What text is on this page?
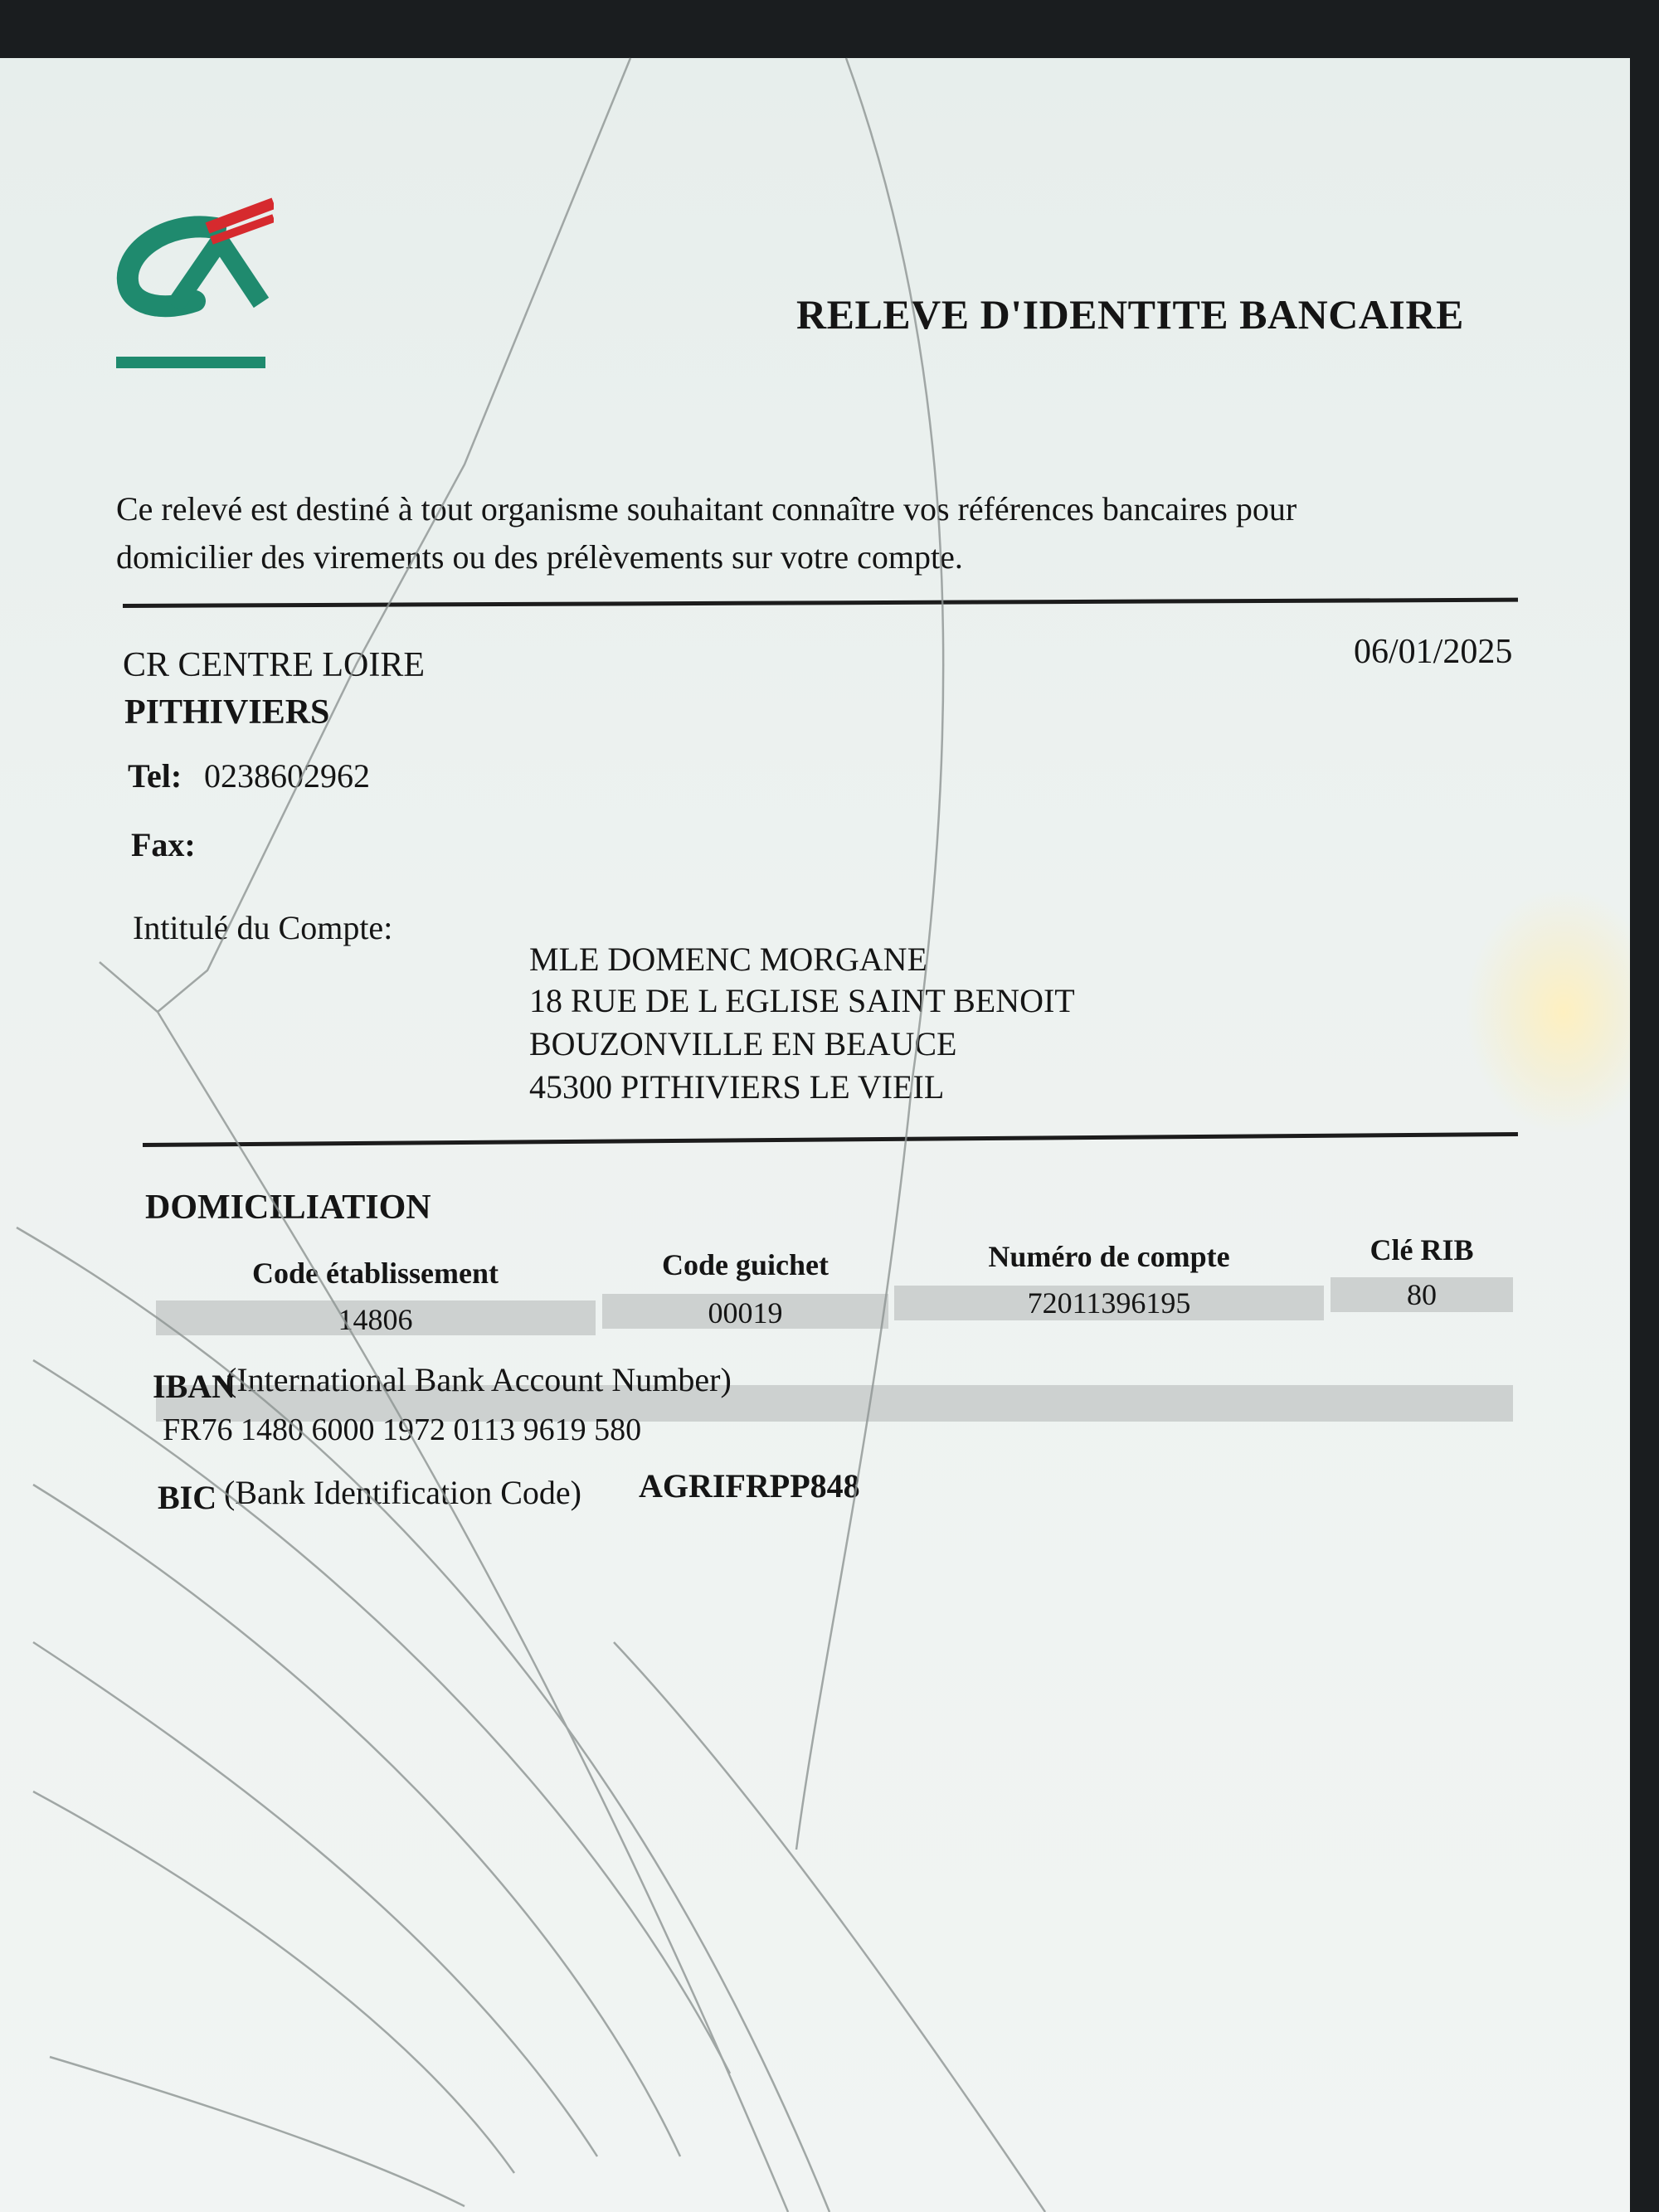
RELEVE D'IDENTITE BANCAIRE
Ce relevé est destiné à tout organisme souhaitant connaître vos références bancaires pour
domicilier des virements ou des prélèvements sur votre compte.
CR CENTRE LOIRE	06/01/2025
PITHIVIERS
Tel: 0238602962
Fax:
Intitulé du Compte:
MLE DOMENC MORGANE
18 RUE DE L EGLISE SAINT BENOIT
BOUZONVILLE EN BEAUCE
45300 PITHIVIERS LE VIEIL
DOMICILIATION
Code établissement
14806
Code guichet
00019
Numéro de compte
72011396195
Clé RIB
80
IBAN
(International Bank Account Number)
FR76 1480 6000 1972 0113 9619 580
BIC (Bank Identification Code) AGRIFRPP848
